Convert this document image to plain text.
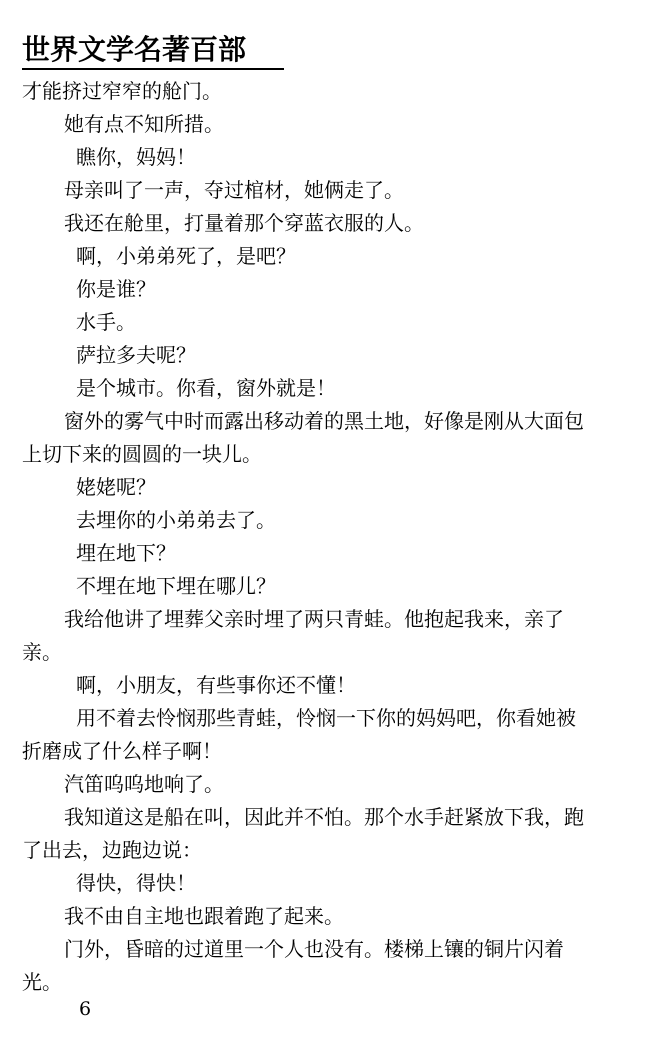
世界文学名著百部
才能挤过窄窄的舱门。
她有点不知所措。
瞧你，妈妈！
母亲叫了一声，夺过棺材，她俩走了。
我还在舱里，打量着那个穿蓝衣服的人。
啊，小弟弟死了，是吧？
你是谁？
水手。
萨拉多夫呢？
是个城市。你看，窗外就是！
窗外的雾气中时而露出移动着的黑土地，好像是刚从大面包
上切下来的圆圆的一块儿。
姥姥呢？
去埋你的小弟弟去了。
埋在地下？
不埋在地下埋在哪儿？
我给他讲了埋葬父亲时埋了两只青蛙。他抱起我来，亲了
亲。
啊，小朋友，有些事你还不懂！
用不着去怜悯那些青蛙，怜悯一下你的妈妈吧，你看她被
折磨成了什么样子啊！
汽笛呜呜地响了。
我知道这是船在叫，因此并不怕。那个水手赶紧放下我，跑
了出去，边跑边说：
得快，得快！
我不由自主地也跟着跑了起来。
门外，昏暗的过道里一个人也没有。楼梯上镶的铜片闪着
光。
6
